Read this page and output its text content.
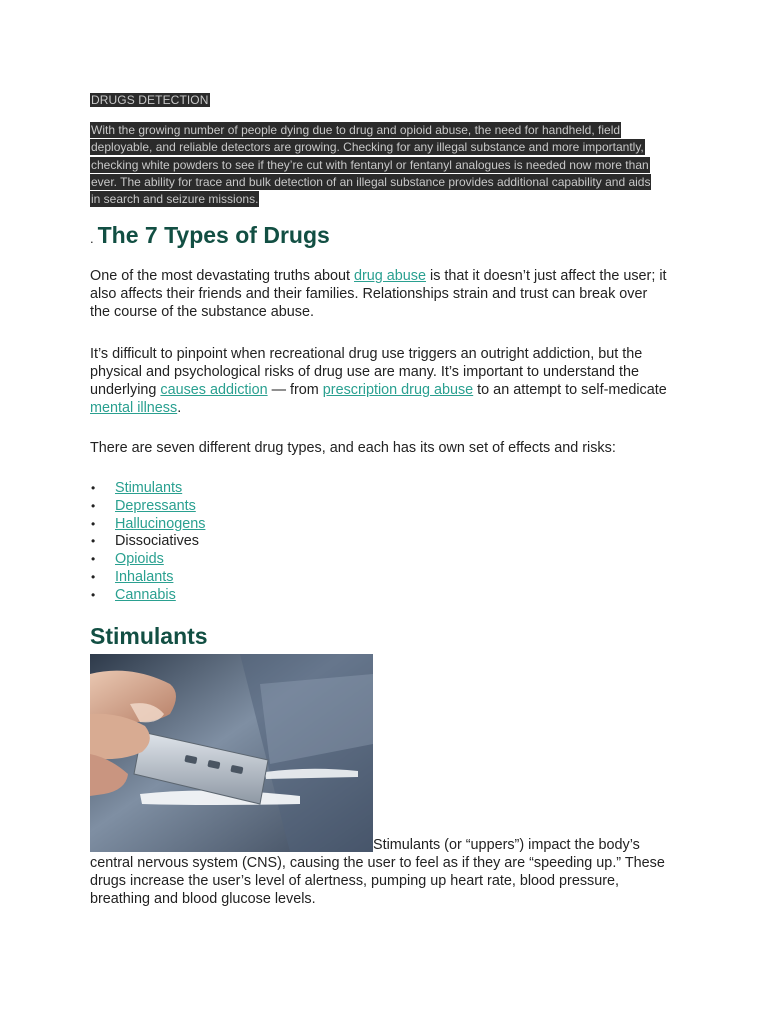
DRUGS DETECTION
With the growing number of people dying due to drug and opioid abuse, the need for handheld, field
deployable, and reliable detectors are growing. Checking for any illegal substance and more importantly,
checking white powders to see if they’re cut with fentanyl or fentanyl analogues is needed now more than
ever. The ability for trace and bulk detection of an illegal substance provides additional capability and aids
in search and seizure missions.
. The 7 Types of Drugs

One of the most devastating truths about drug abuse is that it doesn’t just affect the user; it also affects their friends and their families. Relationships strain and trust can break over the course of the substance abuse.

It’s difficult to pinpoint when recreational drug use triggers an outright addiction, but the physical and psychological risks of drug use are many. It’s important to understand the underlying causes addiction — from prescription drug abuse to an attempt to self-medicate mental illness.

There are seven different drug types, and each has its own set of effects and risks:

• Stimulants
• Depressants
• Hallucinogens
• Dissociatives
• Opioids
• Inhalants
• Cannabis
Stimulants

Stimulants (or “uppers”) impact the body’s central nervous system (CNS), causing the user to feel as if they are “speeding up.” These drugs increase the user’s level of alertness, pumping up heart rate, blood pressure, breathing and blood glucose levels.
